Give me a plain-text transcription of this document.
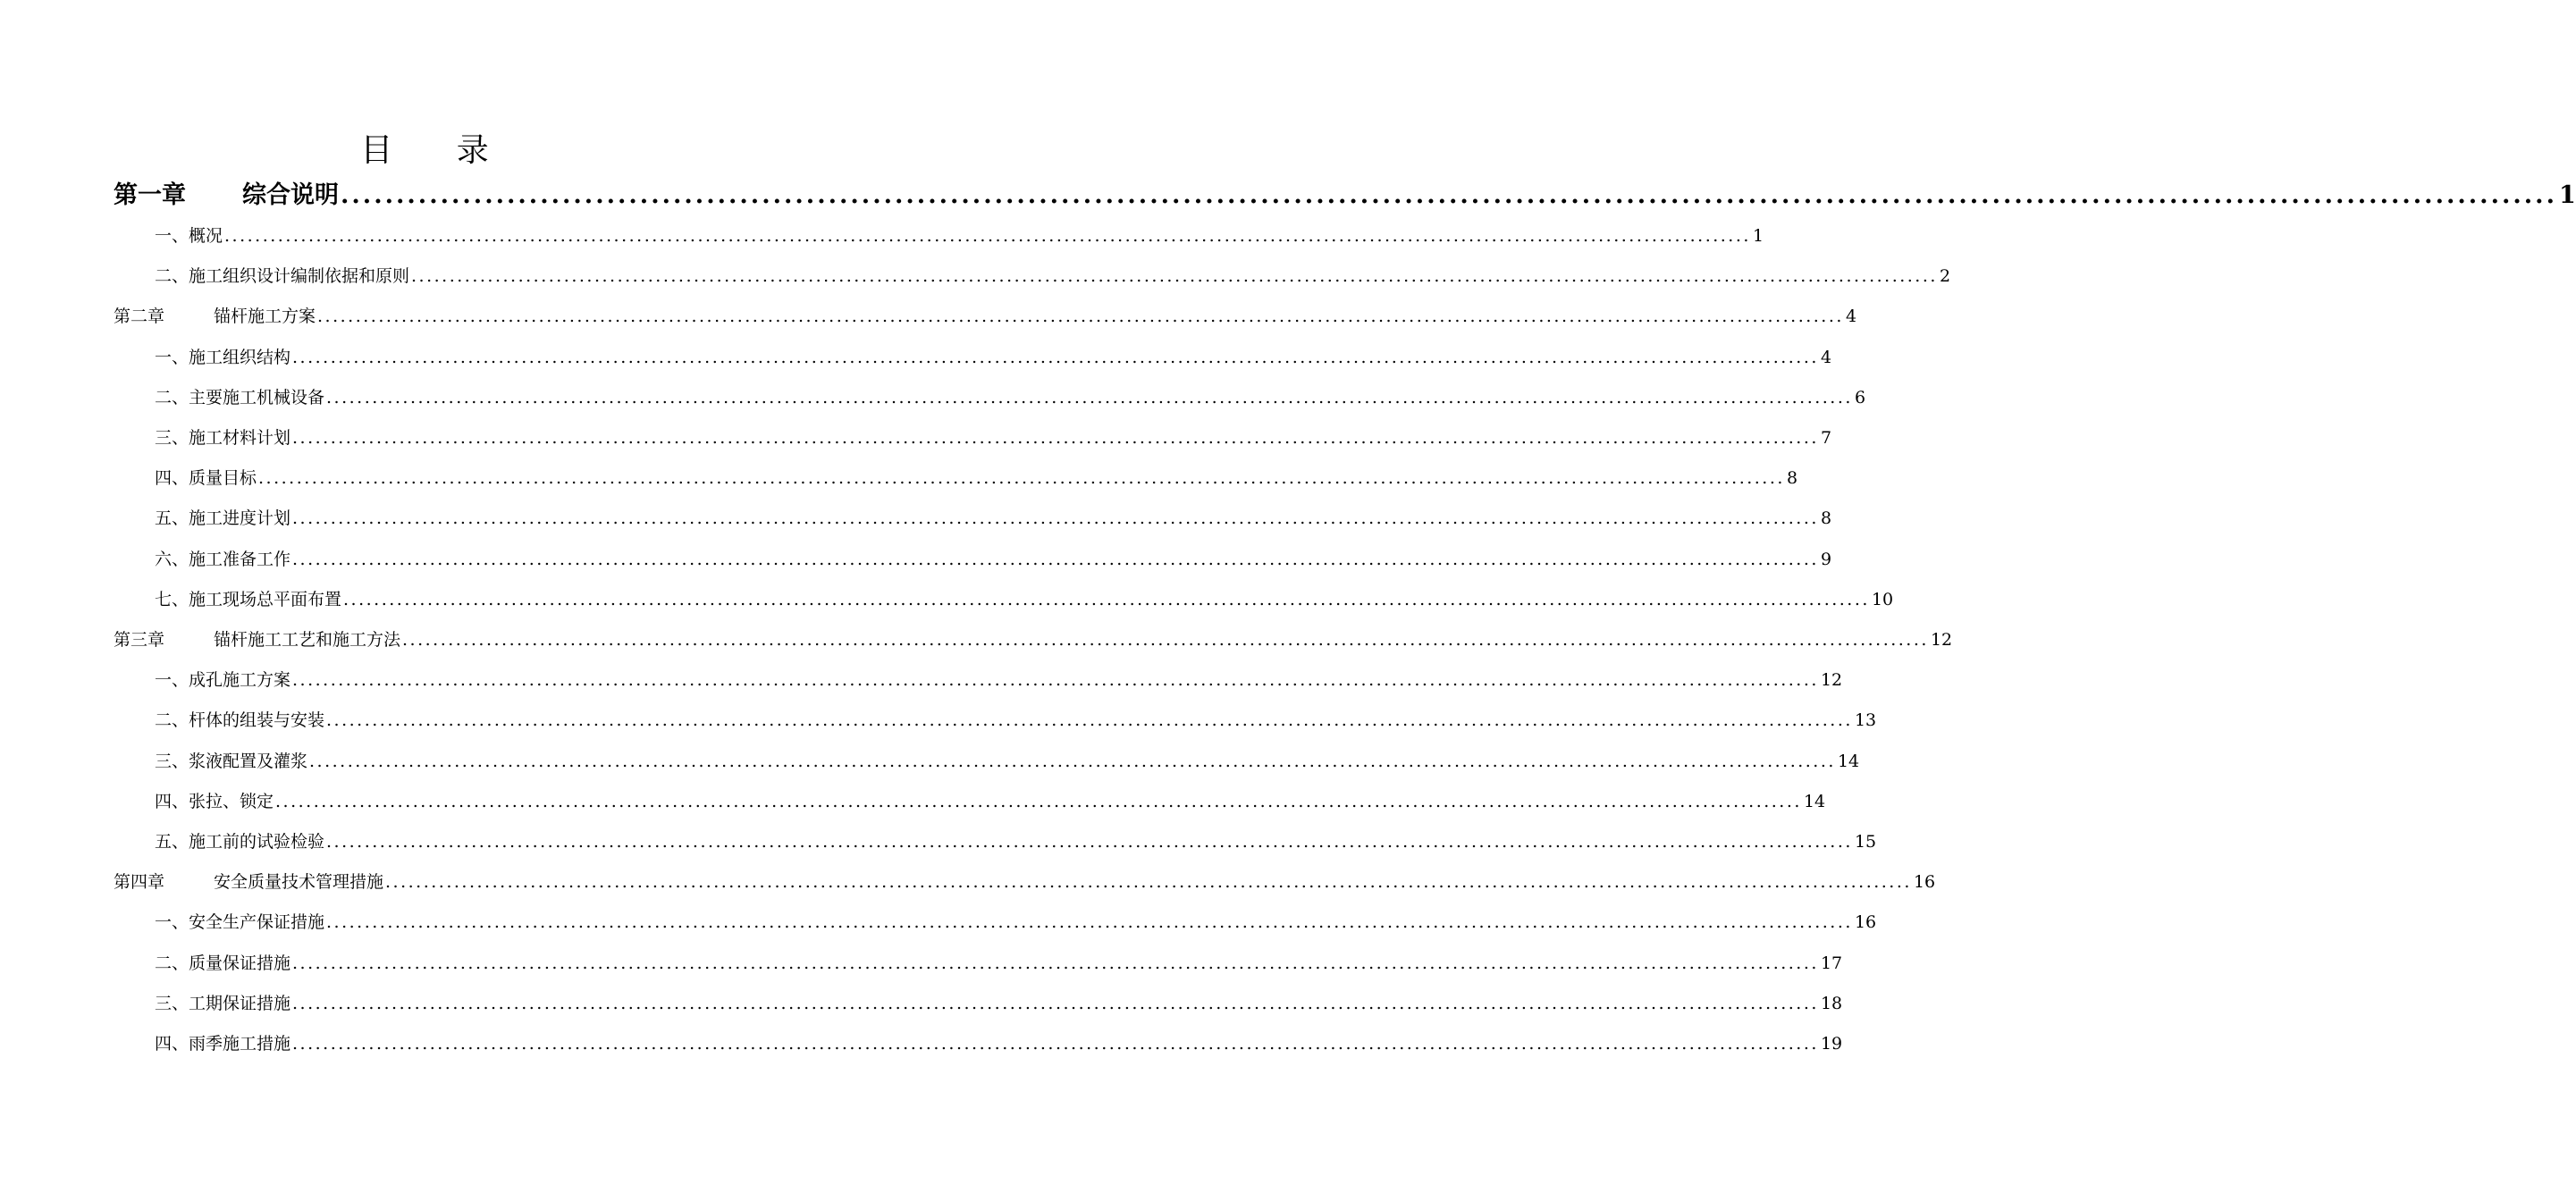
目 录
第一章 综合说明 ........................................................................................................................................................................................................ 1
一、概况 ........................................................................................................................................................................................................ 1
二、施工组织设计编制依据和原则 ........................................................................................................................................................................................................ 2
第二章	锚杆施工方案 ........................................................................................................................................................................................................ 4
一、施工组织结构 ........................................................................................................................................................................................................ 4
二、主要施工机械设备 ........................................................................................................................................................................................................ 6
三、施工材料计划 ........................................................................................................................................................................................................ 7
四、质量目标 ........................................................................................................................................................................................................ 8
五、施工进度计划 ........................................................................................................................................................................................................ 8
六、施工准备工作 ........................................................................................................................................................................................................ 9
七、施工现场总平面布置 ........................................................................................................................................................................................................ 10
第三章	锚杆施工工艺和施工方法 ........................................................................................................................................................................................................ 12
一、成孔施工方案 ........................................................................................................................................................................................................ 12
二、杆体的组装与安装 ........................................................................................................................................................................................................ 13
三、浆液配置及灌浆 ........................................................................................................................................................................................................ 14
四、张拉、锁定 ........................................................................................................................................................................................................ 14
五、施工前的试验检验 ........................................................................................................................................................................................................ 15
第四章	安全质量技术管理措施 ........................................................................................................................................................................................................ 16
一、安全生产保证措施 ........................................................................................................................................................................................................ 16
二、质量保证措施 ........................................................................................................................................................................................................ 17
三、工期保证措施 ........................................................................................................................................................................................................ 18
四、雨季施工措施 ........................................................................................................................................................................................................ 19
